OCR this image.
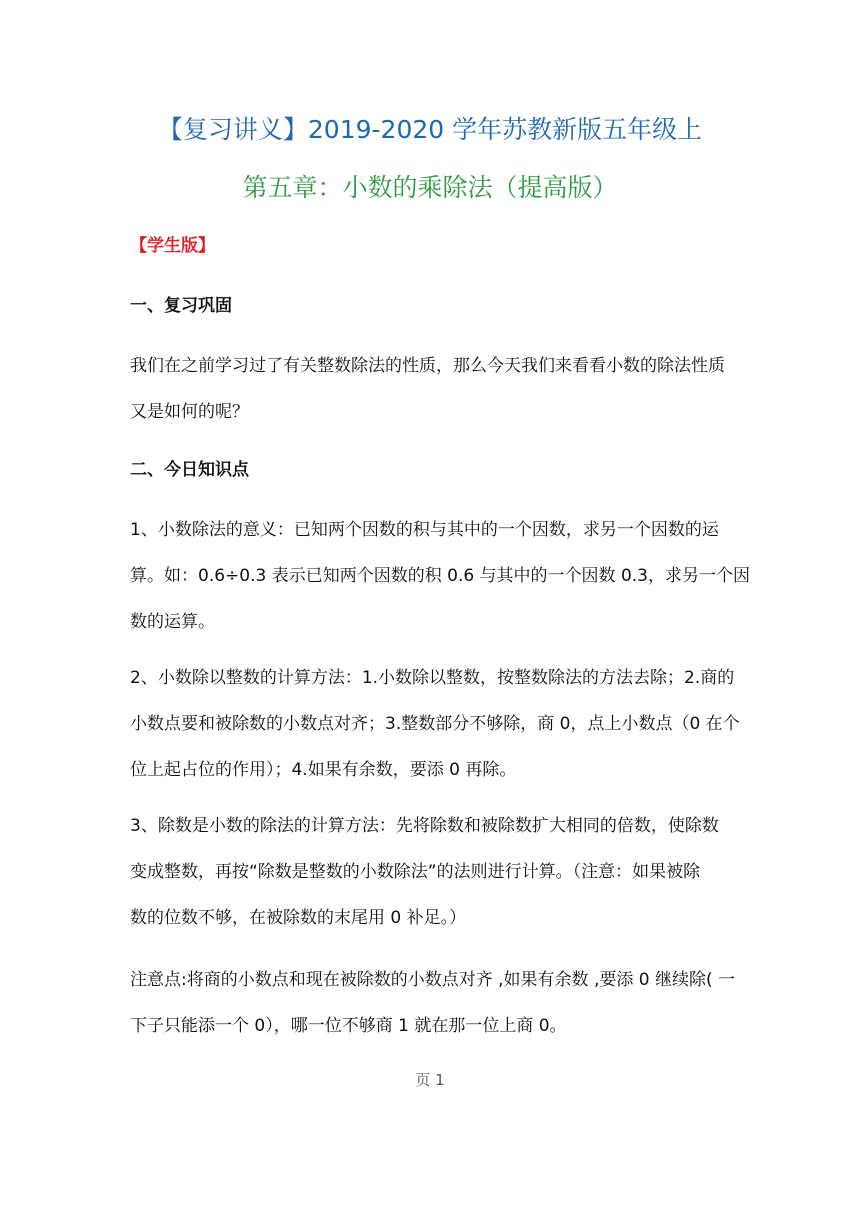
【复习讲义】2019-2020 学年苏教新版五年级上
第五章：小数的乘除法（提高版）
【学生版】
一、复习巩固
我们在之前学习过了有关整数除法的性质，那么今天我们来看看小数的除法性质
又是如何的呢？
二、今日知识点
1、小数除法的意义：已知两个因数的积与其中的一个因数，求另一个因数的运
算。如：0.6÷0.3 表示已知两个因数的积 0.6 与其中的一个因数 0.3，求另一个因
数的运算。
2、小数除以整数的计算方法：1.小数除以整数，按整数除法的方法去除；2.商的
小数点要和被除数的小数点对齐；3.整数部分不够除，商 0，点上小数点（0 在个
位上起占位的作用）；4.如果有余数，要添 0 再除。
3、除数是小数的除法的计算方法：先将除数和被除数扩大相同的倍数，使除数
变成整数，再按“除数是整数的小数除法”的法则进行计算。（注意：如果被除
数的位数不够，在被除数的末尾用 0 补足。）
注意点:将商的小数点和现在被除数的小数点对齐 ,如果有余数 ,要添 0 继续除( 一
下子只能添一个 0），哪一位不够商 1 就在那一位上商 0。
页 1
